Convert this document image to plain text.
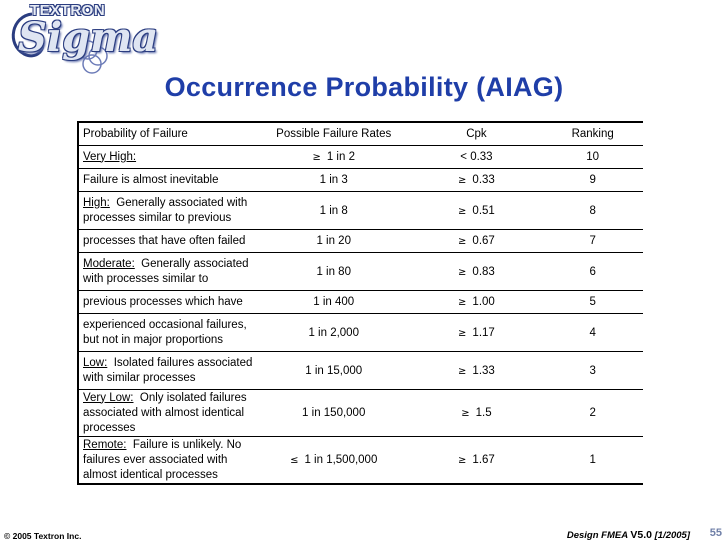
TEXTRON
Sigma
Occurrence Probability (AIAG)
Probability of Failure	Possible Failure Rates	Cpk	Ranking
Very High:	≥ 1 in 2	< 0.33	10
Failure is almost inevitable	1 in 3	≥ 0.33	9
High: Generally associated with processes similar to previous	1 in 8	≥ 0.51	8
processes that have often failed	1 in 20	≥ 0.67	7
Moderate: Generally associated with processes similar to	1 in 80	≥ 0.83	6
previous processes which have	1 in 400	≥ 1.00	5
experienced occasional failures, but not in major proportions	1 in 2,000	≥ 1.17	4
Low: Isolated failures associated with similar processes	1 in 15,000	≥ 1.33	3
Very Low: Only isolated failures associated with almost identical processes	1 in 150,000	≥ 1.5	2
Remote: Failure is unlikely. No failures ever associated with almost identical processes	≤ 1 in 1,500,000	≥ 1.67	1
© 2005 Textron Inc.	Design FMEA V5.0 [1/2005] 55
